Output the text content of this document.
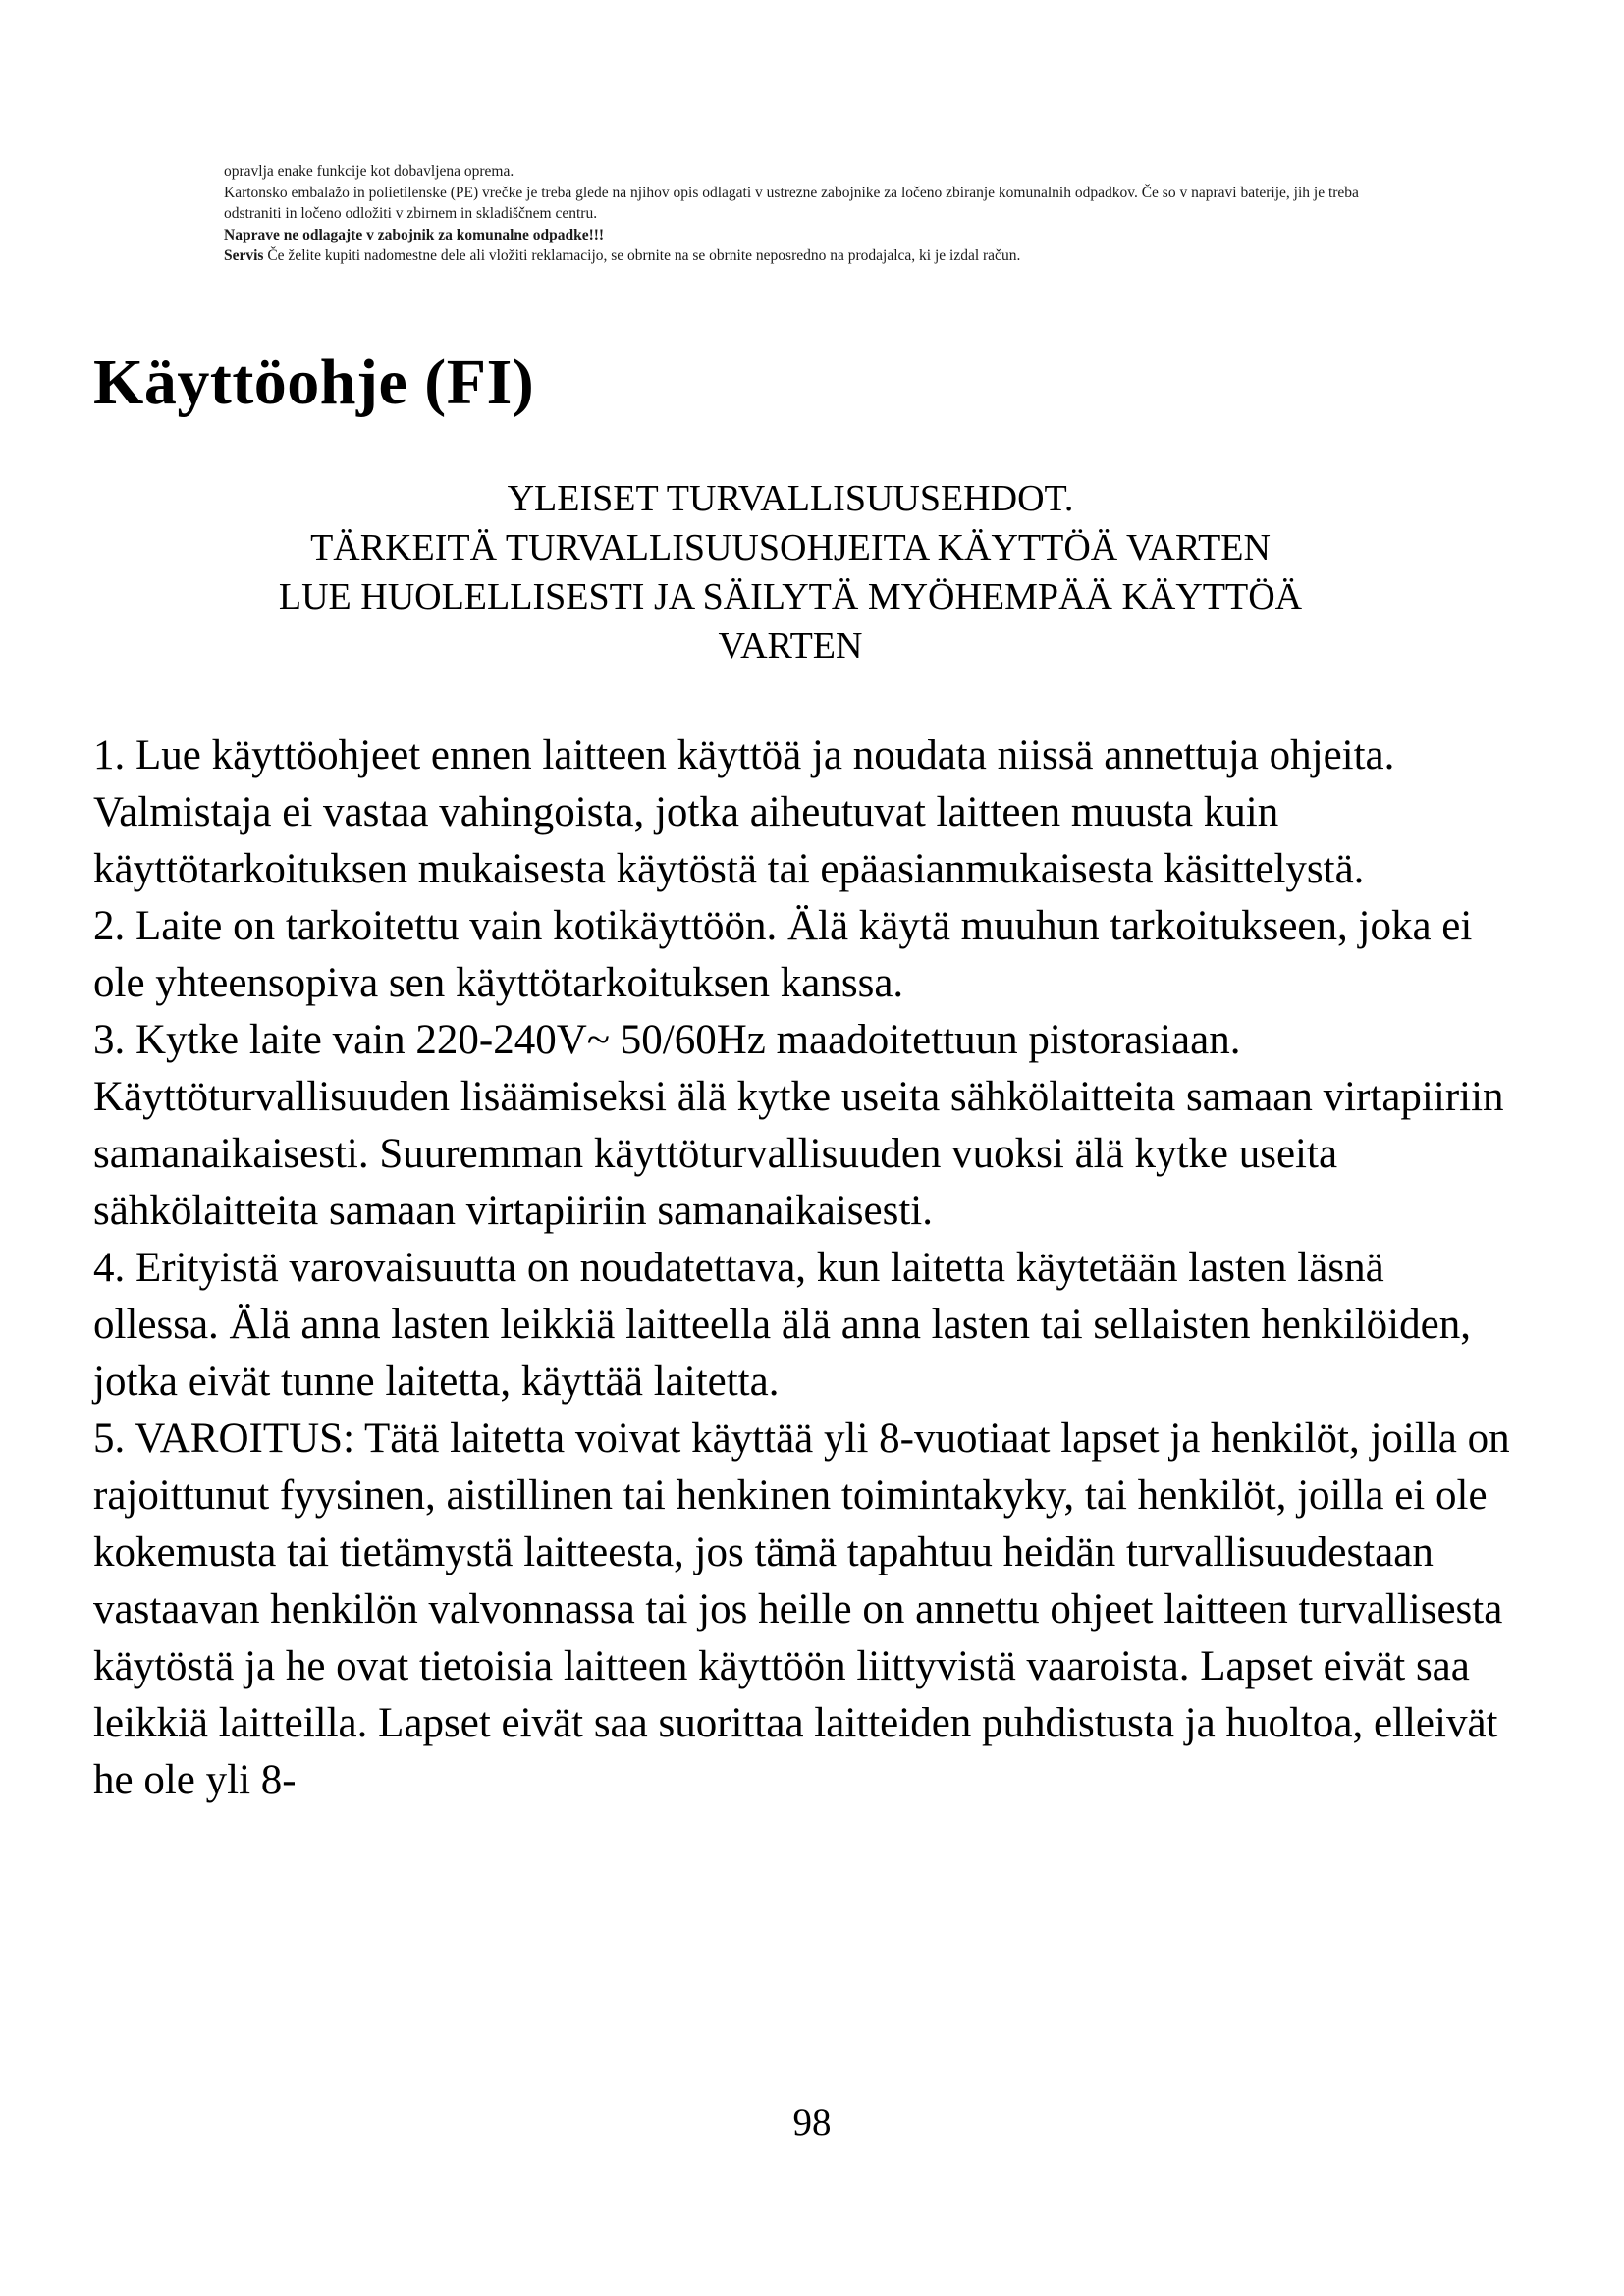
opravlja enake funkcije kot dobavljena oprema.

Kartonsko embalažo in polietilenske (PE) vrečke je treba glede na njihov opis odlagati v ustrezne zabojnike za ločeno zbiranje komunalnih odpadkov. Če so v napravi baterije, jih je treba odstraniti in ločeno odložiti v zbirnem in skladiščnem centru.

Naprave ne odlagajte v zabojnik za komunalne odpadke!!!

Servis Če želite kupiti nadomestne dele ali vložiti reklamacijo, se obrnite na se obrnite neposredno na prodajalca, ki je izdal račun.

Käyttöohje (FI)
YLEISET TURVALLISUUSEHDOT.
TÄRKEITÄ TURVALLISUUSOHJEITA KÄYTTÖÄ VARTEN
LUE HUOLELLISESTI JA SÄILYTÄ MYÖHEMPÄÄ KÄYTTÖÄ
VARTEN

1. Lue käyttöohjeet ennen laitteen käyttöä ja noudata niissä annettuja ohjeita. Valmistaja ei vastaa vahingoista, jotka aiheutuvat laitteen muusta kuin käyttötarkoituksen mukaisesta käytöstä tai epäasianmukaisesta käsittelystä.

2. Laite on tarkoitettu vain kotikäyttöön. Älä käytä muuhun tarkoitukseen, joka ei ole yhteensopiva sen käyttötarkoituksen kanssa.

3. Kytke laite vain 220-240V~ 50/60Hz maadoitettuun pistorasiaan. Käyttöturvallisuuden lisäämiseksi älä kytke useita sähkölaitteita samaan virtapiiriin samanaikaisesti. Suuremman käyttöturvallisuuden vuoksi älä kytke useita sähkölaitteita samaan virtapiiriin samanaikaisesti.

4. Erityistä varovaisuutta on noudatettava, kun laitetta käytetään lasten läsnä ollessa. Älä anna lasten leikkiä laitteella älä anna lasten tai sellaisten henkilöiden, jotka eivät tunne laitetta, käyttää laitetta.

5. VAROITUS: Tätä laitetta voivat käyttää yli 8-vuotiaat lapset ja henkilöt, joilla on rajoittunut fyysinen, aistillinen tai henkinen toimintakyky, tai henkilöt, joilla ei ole kokemusta tai tietämystä laitteesta, jos tämä tapahtuu heidän turvallisuudestaan vastaavan henkilön valvonnassa tai jos heille on annettu ohjeet laitteen turvallisesta käytöstä ja he ovat tietoisia laitteen käyttöön liittyvistä vaaroista. Lapset eivät saa leikkiä laitteilla. Lapset eivät saa suorittaa laitteiden puhdistusta ja huoltoa, elleivät he ole yli 8-

98
